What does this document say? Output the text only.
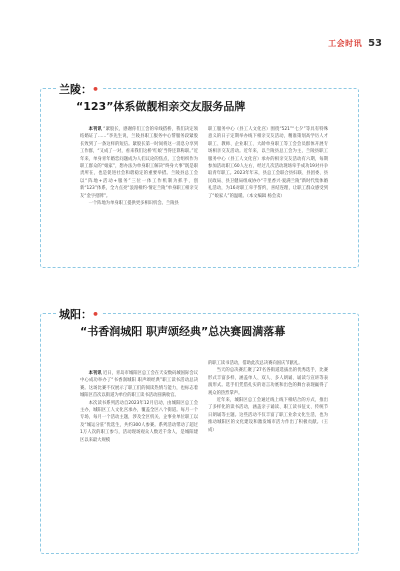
工会时讯 53
兰陵：•
“123”体系做靓相亲交友服务品牌

本刊讯 “紧股长，感谢你们工会的牵线搭桥，我们决定领结婚证了……”李先生说，兰陵县职工服务中心帮服务段紧股长致到了一条这样的短信。紧股长第一时间将这一消息分享到工作群，“又成了一对，看来我们这桥‘红娘’当得还算称职。”近年来，单身青年婚恋问题成为人们议论的焦点，工会组织作为职工群众的“娘家”，想办法为单身职工解决“终身大事”既是职责所在，也是促进社会和谐稳定的重要举措。兰陵县总工会以“阵地+活动+服务”三位一体工作机制为抓手，创新“123”体系，全力点亮“浪漫相约·情定兰陵”单身职工相亲交友“金字招牌”。

一个阵地为单身职工提供更多相识机会。兰陵县

职工服务中心（县工人文化宫）围绕“521”“七夕”等具有特殊意义的日子定期举办线下相亲交友活动，精准策划高学历人才职工、教师、企业职工、大龄单身职工等工会会员群体开展专场相亲交友活动。近年来，以兰陵县总工会为主，兰陵县职工服务中心（县工人文化宫）承办的相亲交友活动有六期，每期参加活动职工60人左右，经过几次活动现场牵手成功19对并争取青年职工。2023年年末，县总工会联合县妇联、县团委、县民政局、县卫健局组成协办“千里香兴·爱满兰陵”新时代集体婚礼活动，为16对职工牵手誓约，喜结连理，让职工群众感受到了“娘家人”的温暖。（本文编辑 杨会卖）

城阳：•
“书香润城阳 职声颂经典”总决赛圆满落幕

本刊讯 近日，青岛市城阳区总工会在天安数码城国际会议中心成功举办了“书香润城阳 职声颂经典”职工读书活动总决赛。这场比赛不仅展示了职工们的阅读热情与能力，也标志着城阳区首次以街道为单位的职工读书活动圆满收官。

本次读书系列活动自2023年12月启动，由城阳区总工会主办，城阳区工人文化宫承办，覆盖全区八个街道。每月一个专场，每月一个活动主题，涉及全区机关、企事业单位职工以及“城运分驻”优选生，共约300人参赛。系列活动带动了超过1万人次的职工参与，活动现场观众人数近千余人，是城阳建区以来最大规模

的职工读书活动，借助此次总决赛向国庆节献礼。

当天的总决赛汇聚了27名各街道选拔出的优秀选手，比赛形式丰富多样，涵盖单人、双人、多人朗诵、诵读与宣讲等表演形式。选手们凭借扎实的语言功底和出色的舞台表现赢得了观众的热烈掌声。

近年来，城阳区总工会通过线上线下相结合的方式，推出了多样化的读书活动，涵盖亲子诵读、职工读书征文、传统节日朗诵等主题。这些活动不仅丰富了职工业余文化生活，也为推动城阳区的文化建设和激发城市活力作出了积极贡献。（王成）
